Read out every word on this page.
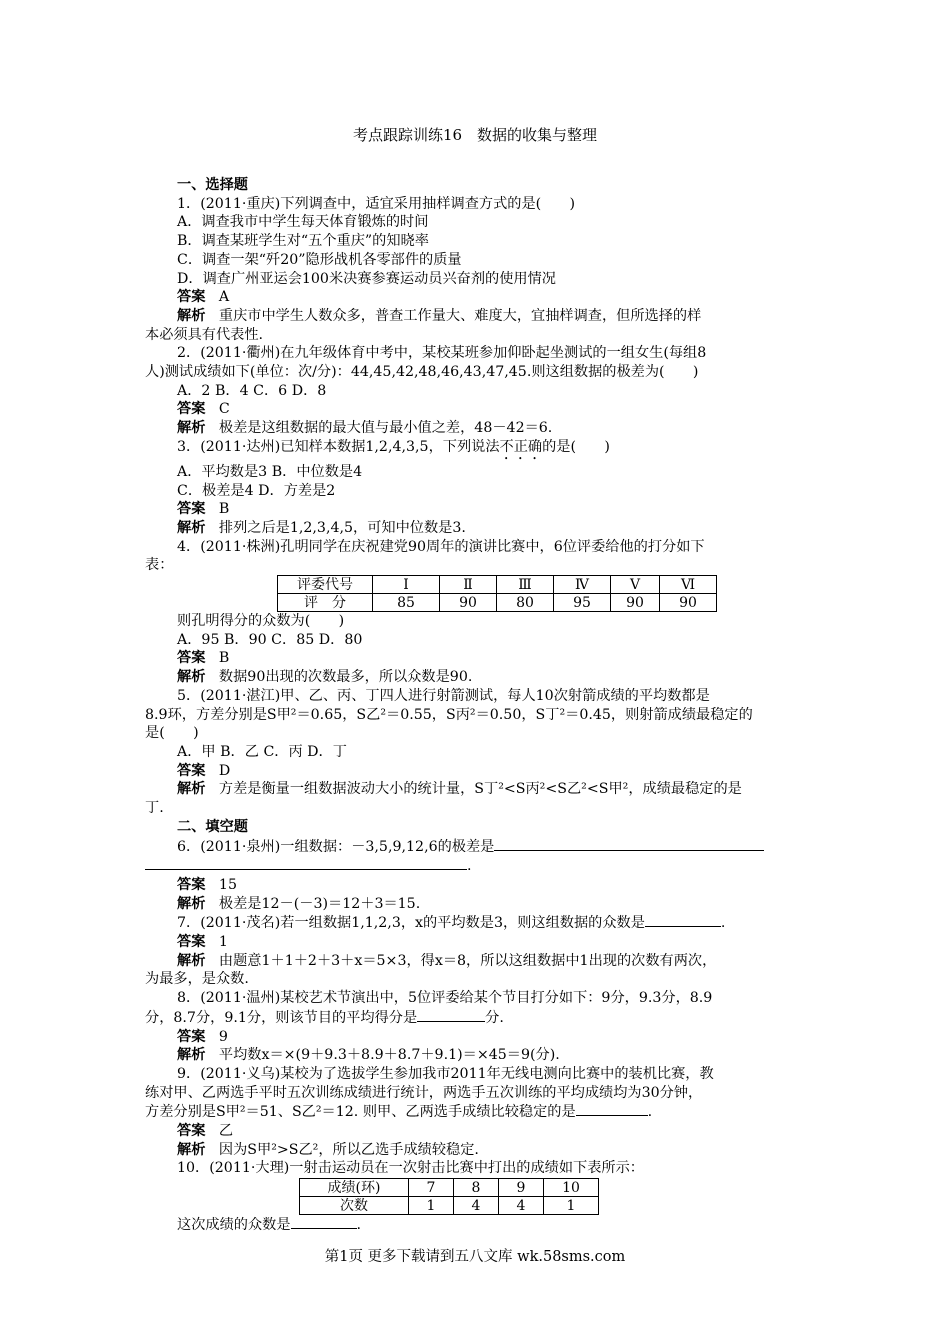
考点跟踪训练16　数据的收集与整理

一、选择题

1．(2011·重庆)下列调查中，适宜采用抽样调查方式的是(　　)

A．调查我市中学生每天体育锻炼的时间

B．调查某班学生对“五个重庆”的知晓率

C．调查一架“歼20”隐形战机各零部件的质量

D．调查广州亚运会100米决赛参赛运动员兴奋剂的使用情况

答案 A

解析 重庆市中学生人数众多，普查工作量大、难度大，宜抽样调查，但所选择的样

本必须具有代表性.

2．(2011·衢州)在九年级体育中考中，某校某班参加仰卧起坐测试的一组女生(每组8

人)测试成绩如下(单位：次/分)：44,45,42,48,46,43,47,45.则这组数据的极差为(　　)

A．2 B．4 C．6 D．8

答案 C

解析 极差是这组数据的最大值与最小值之差，48－42＝6.

3．(2011·达州)已知样本数据1,2,4,3,5，下列说法不正确的是(　　)

A．平均数是3 B．中位数是4

C．极差是4 D．方差是2

答案 B

解析 排列之后是1,2,3,4,5，可知中位数是3.

4．(2011·株洲)孔明同学在庆祝建党90周年的演讲比赛中，6位评委给他的打分如下

表：

评委代号	Ⅰ	Ⅱ	Ⅲ	Ⅳ	Ⅴ	Ⅵ
评　分	85	90	80	95	90	90

则孔明得分的众数为(　　)

A．95 B．90 C．85 D．80

答案 B

解析 数据90出现的次数最多，所以众数是90.

5．(2011·湛江)甲、乙、丙、丁四人进行射箭测试，每人10次射箭成绩的平均数都是

8.9环，方差分别是S甲²＝0.65，S乙²＝0.55，S丙²＝0.50，S丁²＝0.45，则射箭成绩最稳定的

是(　　)

A．甲 B．乙 C．丙 D．丁

答案 D

解析 方差是衡量一组数据波动大小的统计量，S丁²<S丙²<S乙²<S甲²，成绩最稳定的是

丁.

二、填空题

6．(2011·泉州)一组数据：－3,5,9,12,6的极差是

.

答案 15

解析 极差是12－(－3)＝12＋3＝15.

7．(2011·茂名)若一组数据1,1,2,3，x的平均数是3，则这组数据的众数是	.

答案 1

解析 由题意1＋1＋2＋3＋x＝5×3，得x＝8，所以这组数据中1出现的次数有两次，

为最多，是众数.

8．(2011·温州)某校艺术节演出中，5位评委给某个节目打分如下：9分，9.3分，8.9

分，8.7分，9.1分，则该节目的平均得分是	分.

答案 9

解析 平均数x＝×(9＋9.3＋8.9＋8.7＋9.1)＝×45＝9(分).

9．(2011·义乌)某校为了选拔学生参加我市2011年无线电测向比赛中的装机比赛，教

练对甲、乙两选手平时五次训练成绩进行统计，两选手五次训练的平均成绩均为30分钟，

方差分别是S甲²＝51、S乙²＝12. 则甲、乙两选手成绩比较稳定的是	.

答案 乙

解析 因为S甲²>S乙²，所以乙选手成绩较稳定.

10．(2011·大理)一射击运动员在一次射击比赛中打出的成绩如下表所示：

成绩(环)	7	8	9	10
次数	1	4	4	1

这次成绩的众数是	.

第1页 更多下载请到五八文库 wk.58sms.com
